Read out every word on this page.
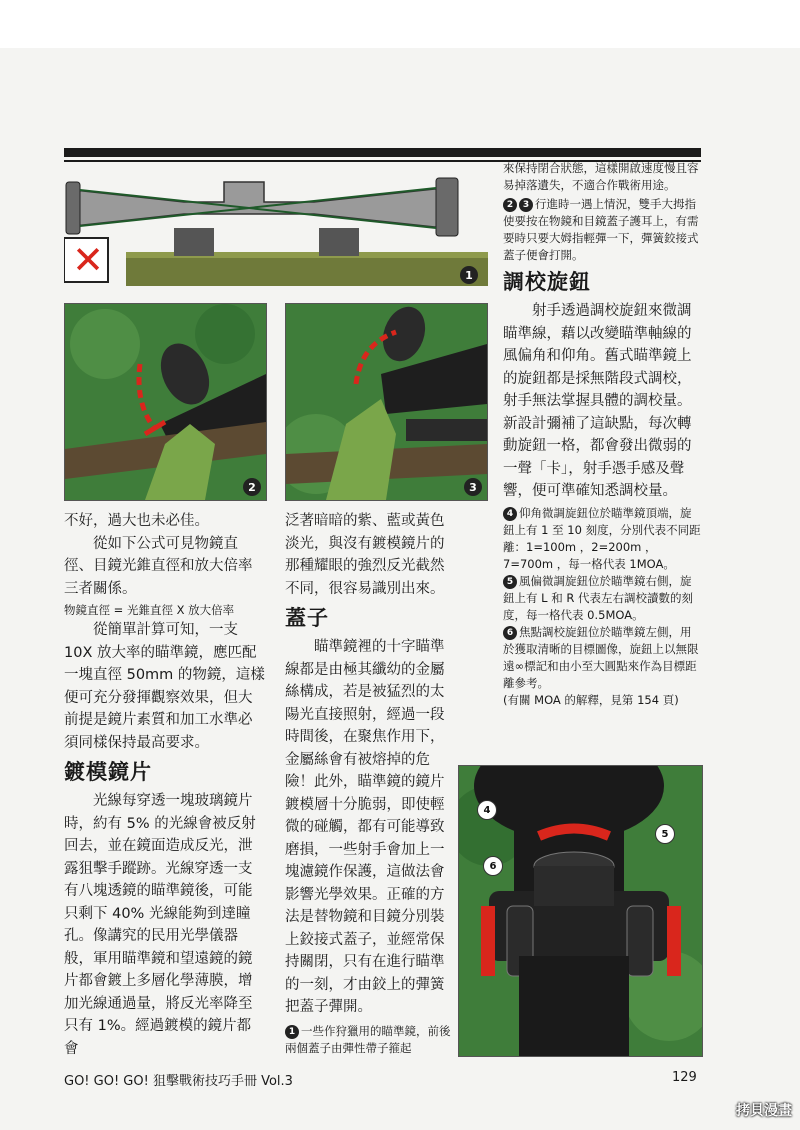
✕	1
2	3

不好，過大也未必佳。

從如下公式可見物鏡直徑、目鏡光錐直徑和放大倍率三者關係。

物鏡直徑 = 光錐直徑 X 放大倍率

從簡單計算可知，一支10X 放大率的瞄準鏡，應匹配一塊直徑 50mm 的物鏡，這樣便可充分發揮觀察效果，但大前提是鏡片素質和加工水準必須同樣保持最高要求。

鍍模鏡片

光線每穿透一塊玻璃鏡片時，約有 5% 的光線會被反射回去，並在鏡面造成反光，泄露狙擊手蹤跡。光線穿透一支有八塊透鏡的瞄準鏡後，可能只剩下 40% 光線能夠到達瞳孔。像講究的民用光學儀器般，軍用瞄準鏡和望遠鏡的鏡片都會鍍上多層化學薄膜，增加光線通過量，將反光率降至只有 1%。經過鍍模的鏡片都會

泛著暗暗的紫、藍或黃色淡光，與沒有鍍模鏡片的那種耀眼的強烈反光截然不同，很容易識別出來。

蓋子

瞄準鏡裡的十字瞄準線都是由極其纖幼的金屬絲構成，若是被猛烈的太陽光直接照射，經過一段時間後，在聚焦作用下，金屬絲會有被熔掉的危險！此外，瞄準鏡的鏡片鍍模層十分脆弱，即使輕微的碰觸，都有可能導致磨損，一些射手會加上一塊濾鏡作保護，這做法會影響光學效果。正確的方法是替物鏡和目鏡分別裝上鉸接式蓋子，並經常保持關閉，只有在進行瞄準的一刻，才由鉸上的彈簧把蓋子彈開。

1 一些作狩獵用的瞄準鏡，前後兩個蓋子由彈性帶子箍起

來保持閉合狀態，這樣開啟速度慢且容易掉落遺失，不適合作戰術用途。

2 3 行進時一遇上情況，雙手大拇指使要按在物鏡和目鏡蓋子護耳上，有需要時只要大姆指輕彈一下，彈簧鉸接式蓋子便會打開。

調校旋鈕

射手透過調校旋鈕來微調瞄準線，藉以改變瞄準軸線的風偏角和仰角。舊式瞄準鏡上的旋鈕都是採無階段式調校，射手無法掌握具體的調校量。新設計彌補了這缺點，每次轉動旋鈕一格，都會發出微弱的一聲「卡」，射手憑手感及聲響，便可準確知悉調校量。

4 仰角微調旋鈕位於瞄準鏡頂端，旋鈕上有 1 至 10 刻度，分別代表不同距離：1=100m ，2=200m ，7=700m ，每一格代表 1MOA。

5 風偏微調旋鈕位於瞄準鏡右側，旋鈕上有 L 和 R 代表左右調校讀數的刻度，每一格代表 0.5MOA。

6 焦點調校旋鈕位於瞄準鏡左側，用於獲取清晰的目標圖像，旋鈕上以無限遠∞標記和由小至大圓點來作為目標距離參考。

(有關 MOA 的解釋，見第 154 頁)

4
5
6
GO! GO! GO! 狙擊戰術技巧手冊 Vol.3	129
拷貝漫畫
